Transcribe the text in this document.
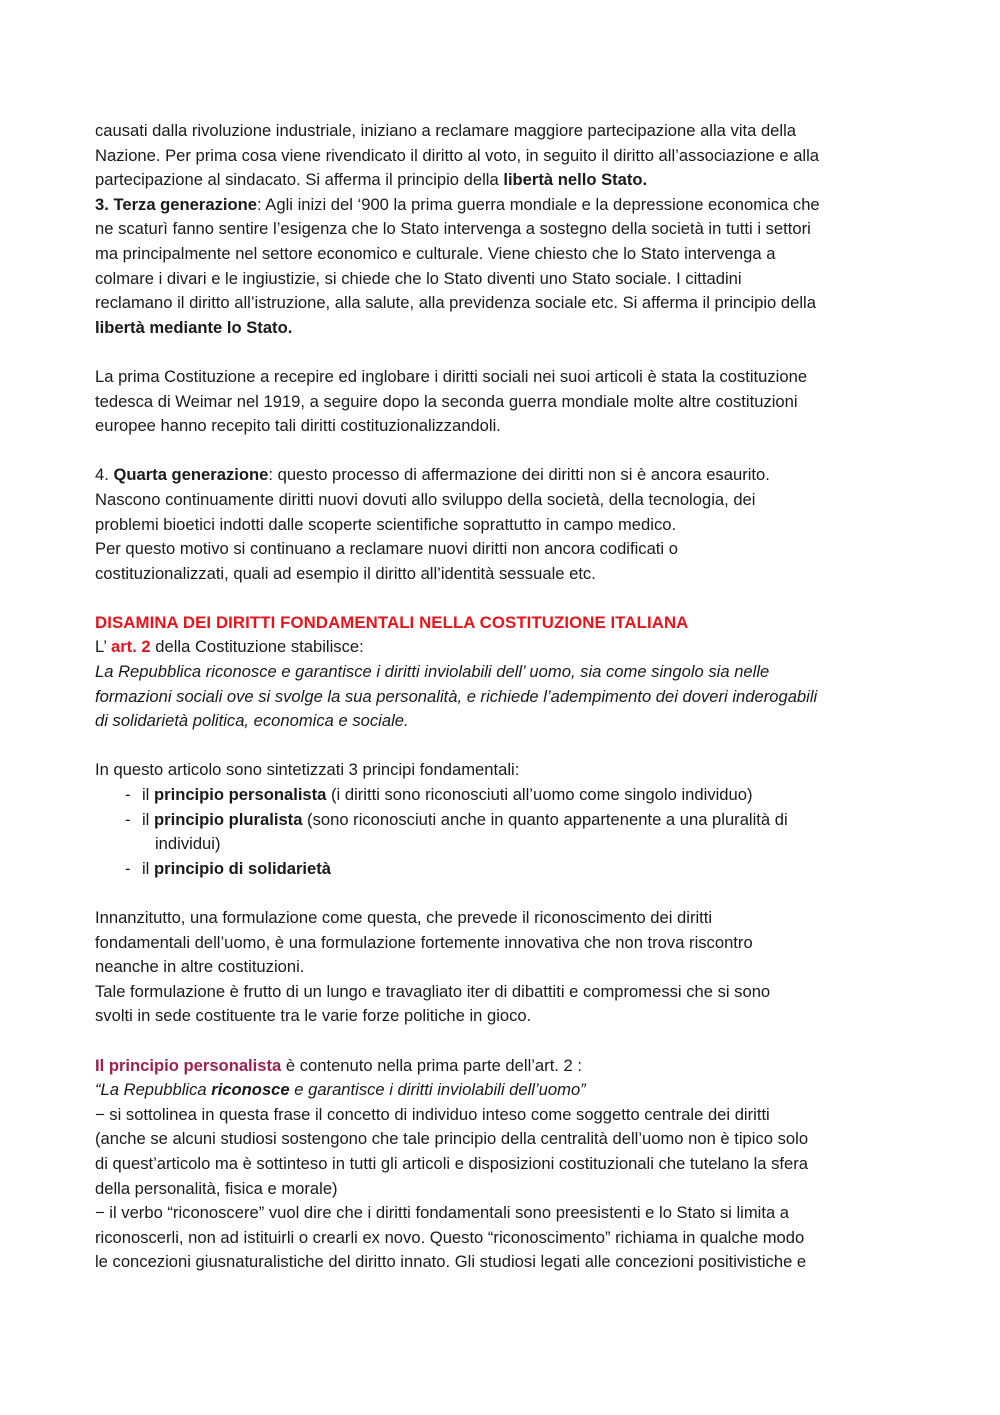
causati dalla rivoluzione industriale, iniziano a reclamare maggiore partecipazione alla vita della

Nazione. Per prima cosa viene rivendicato il diritto al voto, in seguito il diritto all’associazione e alla

partecipazione al sindacato. Si afferma il principio della libertà nello Stato.

3. Terza generazione: Agli inizi del ‘900 la prima guerra mondiale e la depressione economica che

ne scaturì fanno sentire l’esigenza che lo Stato intervenga a sostegno della società in tutti i settori

ma principalmente nel settore economico e culturale. Viene chiesto che lo Stato intervenga a

colmare i divari e le ingiustizie, si chiede che lo Stato diventi uno Stato sociale. I cittadini

reclamano il diritto all’istruzione, alla salute, alla previdenza sociale etc. Si afferma il principio della

libertà mediante lo Stato.

La prima Costituzione a recepire ed inglobare i diritti sociali nei suoi articoli è stata la costituzione

tedesca di Weimar nel 1919, a seguire dopo la seconda guerra mondiale molte altre costituzioni

europee hanno recepito tali diritti costituzionalizzandoli.

4. Quarta generazione: questo processo di affermazione dei diritti non si è ancora esaurito.

Nascono continuamente diritti nuovi dovuti allo sviluppo della società, della tecnologia, dei

problemi bioetici indotti dalle scoperte scientifiche soprattutto in campo medico.

Per questo motivo si continuano a reclamare nuovi diritti non ancora codificati o

costituzionalizzati, quali ad esempio il diritto all’identità sessuale etc.

DISAMINA DEI DIRITTI FONDAMENTALI NELLA COSTITUZIONE ITALIANA

L’ art. 2 della Costituzione stabilisce:

La Repubblica riconosce e garantisce i diritti inviolabili dell’ uomo, sia come singolo sia nelle

formazioni sociali ove si svolge la sua personalità, e richiede l’adempimento dei doveri inderogabili

di solidarietà politica, economica e sociale.

In questo articolo sono sintetizzati 3 principi fondamentali:

- il principio personalista (i diritti sono riconosciuti all’uomo come singolo individuo)
- il principio pluralista (sono riconosciuti anche in quanto appartenente a una pluralità di
individui)
- il principio di solidarietà

Innanzitutto, una formulazione come questa, che prevede il riconoscimento dei diritti

fondamentali dell’uomo, è una formulazione fortemente innovativa che non trova riscontro

neanche in altre costituzioni.

Tale formulazione è frutto di un lungo e travagliato iter di dibattiti e compromessi che si sono

svolti in sede costituente tra le varie forze politiche in gioco.

Il principio personalista è contenuto nella prima parte dell’art. 2 :

“La Repubblica riconosce e garantisce i diritti inviolabili dell’uomo”

− si sottolinea in questa frase il concetto di individuo inteso come soggetto centrale dei diritti

(anche se alcuni studiosi sostengono che tale principio della centralità dell’uomo non è tipico solo

di quest’articolo ma è sottinteso in tutti gli articoli e disposizioni costituzionali che tutelano la sfera

della personalità, fisica e morale)

− il verbo “riconoscere” vuol dire che i diritti fondamentali sono preesistenti e lo Stato si limita a

riconoscerli, non ad istituirli o crearli ex novo. Questo “riconoscimento” richiama in qualche modo

le concezioni giusnaturalistiche del diritto innato. Gli studiosi legati alle concezioni positivistiche e
